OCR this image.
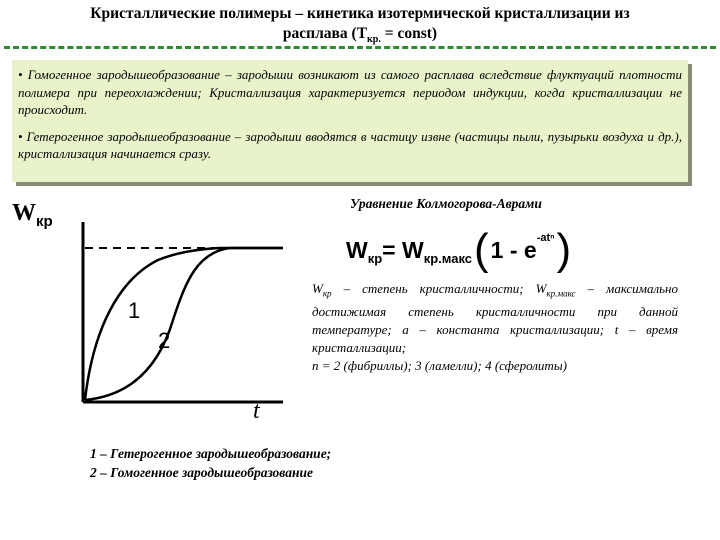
Кристаллические полимеры – кинетика изотермической кристаллизации из
расплава ($T_{кр.}$ = const)

• Гомогенное зародышеобразование – зародыши возникают из самого расплава вследствие флуктуаций плотности полимера при переохлаждении; Кристаллизация характеризуется периодом индукции, когда кристаллизации не происходит.

• Гетерогенное зародышеобразование – зародыши вводятся в частицу извне (частицы пыли, пузырьки воздуха и др.), кристаллизация начинается сразу.

W кр
1
2
t
Уравнение Колмогорова-Аврами
W кр = W кр.макс ( 1 - e -atⁿ )
$W_{кр}$ – степень кристалличности; $W_{кр.макс}$ – максимально достижимая степень кристалличности при данной температуре; a – константа кристаллизации; t – время кристаллизации;
n = 2 (фибриллы); 3 (ламелли); 4 (сферолиты)
1 – Гетерогенное зародышеобразование;
2 – Гомогенное зародышеобразование
